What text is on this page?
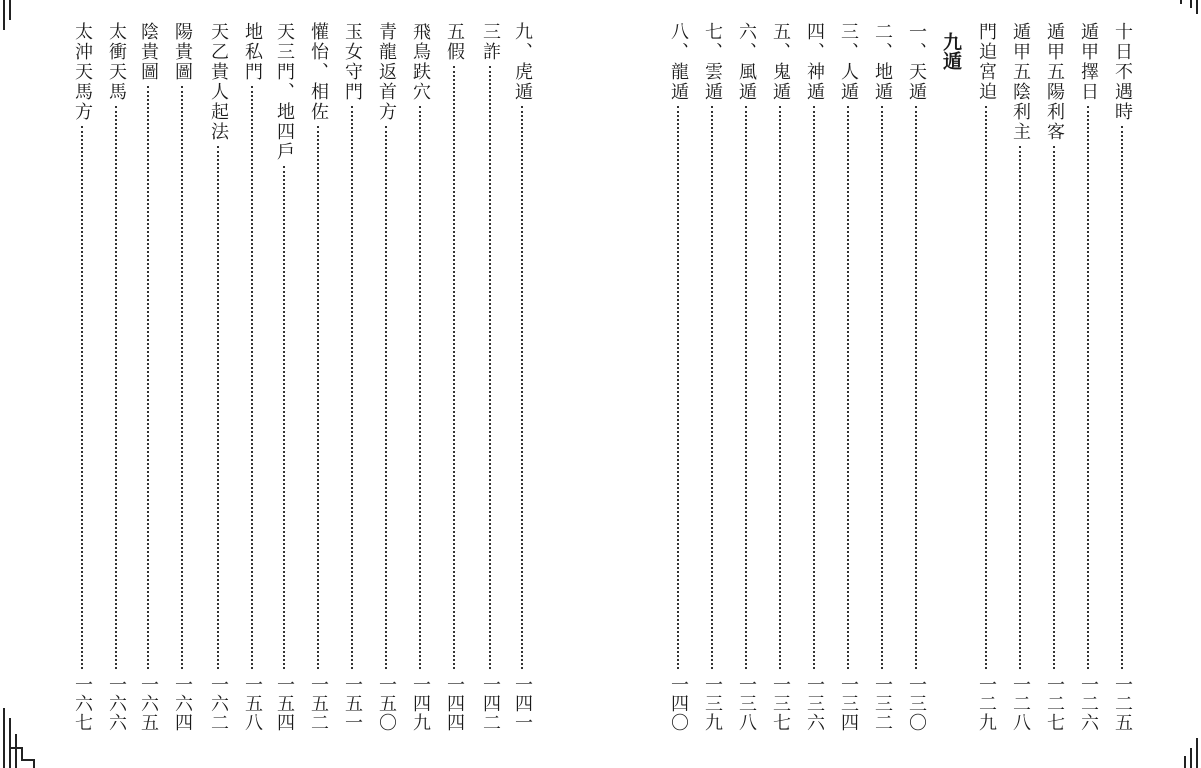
九、虎遁
一四一
三詐
一四二
五假
一四四
飛鳥趺穴
一四九
青龍返首方
一五〇
玉女守門
一五一
懽怡、相佐
一五二
天三門、地四戶
一五四
地私門
一五八
天乙貴人起法
一六二
陽貴圖
一六四
陰貴圖
一六五
太衝天馬
一六六
太沖天馬方
一六七
十日不遇時
一二五
遁甲擇日
一二六
遁甲五陽利客
一二七
遁甲五陰利主
一二八
門迫宮迫
一二九
九遁
一、天遁
一三〇
二、地遁
一三二
三、人遁
一三四
四、神遁
一三六
五、鬼遁
一三七
六、風遁
一三八
七、雲遁
一三九
八、龍遁
一四〇
